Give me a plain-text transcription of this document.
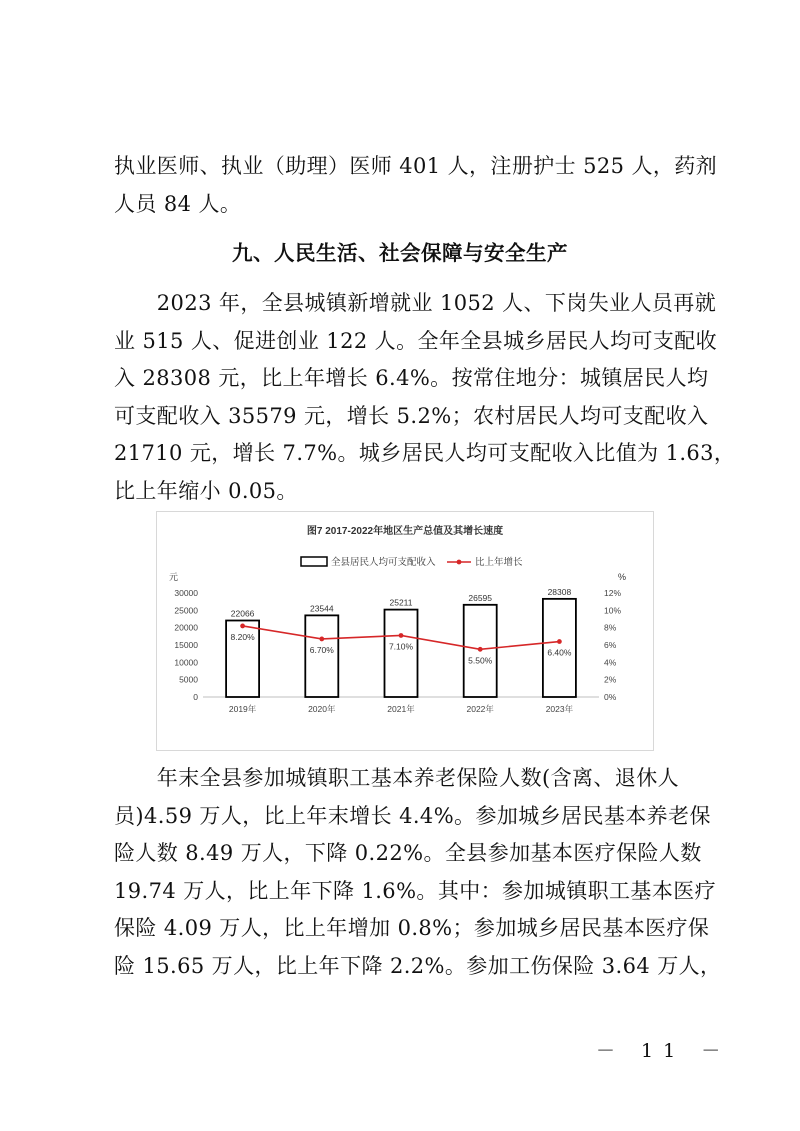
执业医师、执业（助理）医师 401 人，注册护士 525 人，药剂
人员 84 人。
九、人民生活、社会保障与安全生产
　　2023 年，全县城镇新增就业 1052 人、下岗失业人员再就
业 515 人、促进创业 122 人。全年全县城乡居民人均可支配收
入 28308 元，比上年增长 6.4%。按常住地分：城镇居民人均
可支配收入 35579 元，增长 5.2%；农村居民人均可支配收入
21710 元，增长 7.7%。城乡居民人均可支配收入比值为 1.63，
比上年缩小 0.05。
图7 2017-2022年地区生产总值及其增长速度
全县居民人均可支配收入	比上年增长
元	%
30000
25000
20000
15000
10000
5000
0
12%
10%
8%
6%
4%
2%
0%
22066
2019年
23544
2020年
25211
2021年
26595
2022年
28308
2023年
8.20%
6.70%	7.10%
5.50%
6.40%
　　年末全县参加城镇职工基本养老保险人数(含离、退休人
员)4.59 万人，比上年末增长 4.4%。参加城乡居民基本养老保
险人数 8.49 万人，下降 0.22%。全县参加基本医疗保险人数
19.74 万人，比上年下降 1.6%。其中：参加城镇职工基本医疗
保险 4.09 万人，比上年增加 0.8%；参加城乡居民基本医疗保
险 15.65 万人，比上年下降 2.2%。参加工伤保险 3.64 万人，
－ 11 －
